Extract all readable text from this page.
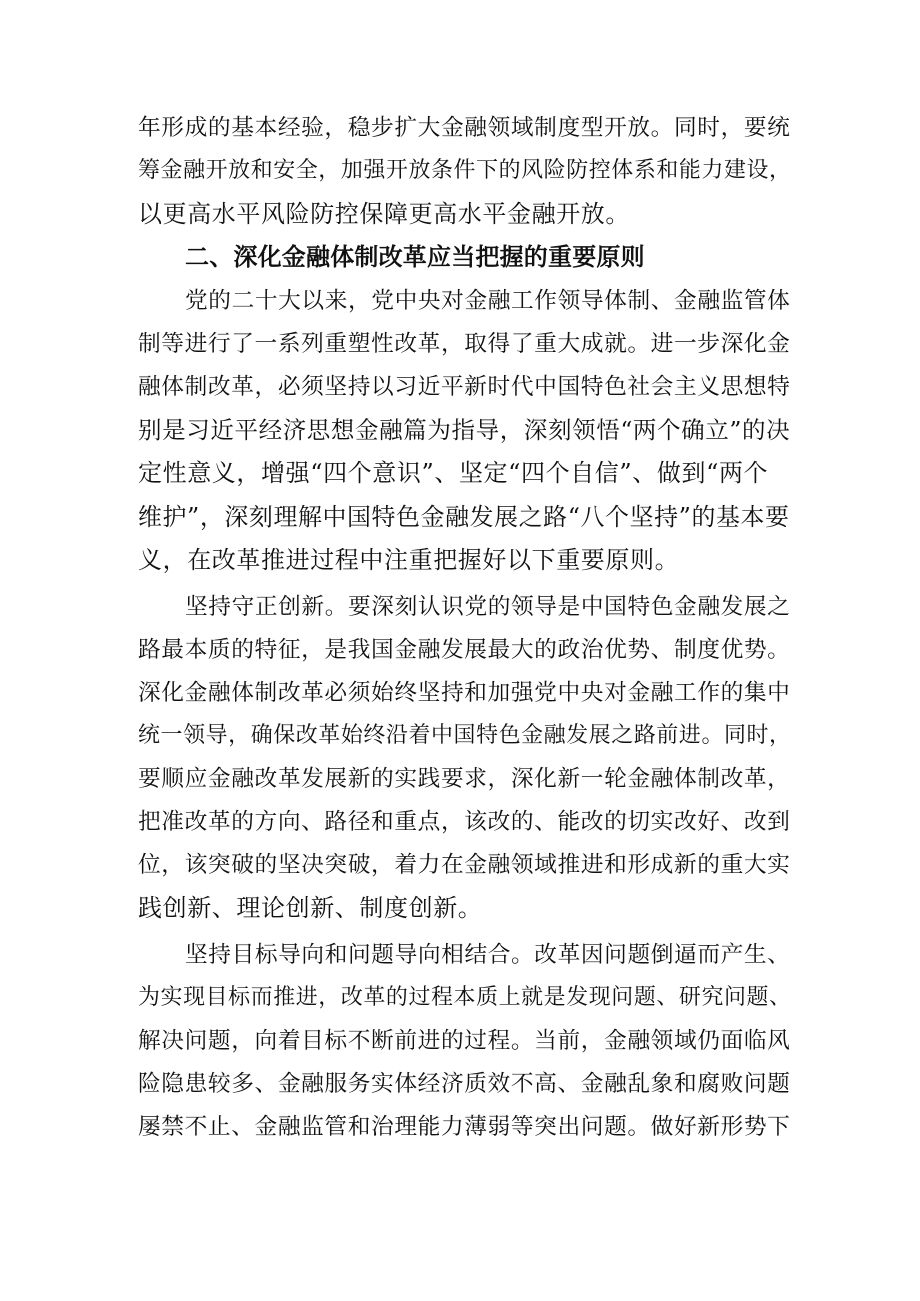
年形成的基本经验，稳步扩大金融领域制度型开放。同时，要统
筹金融开放和安全，加强开放条件下的风险防控体系和能力建设，
以更高水平风险防控保障更高水平金融开放。
二、深化金融体制改革应当把握的重要原则
党的二十大以来，党中央对金融工作领导体制、金融监管体
制等进行了一系列重塑性改革，取得了重大成就。进一步深化金
融体制改革，必须坚持以习近平新时代中国特色社会主义思想特
别是习近平经济思想金融篇为指导，深刻领悟“两个确立”的决
定性意义，增强“四个意识”、坚定“四个自信”、做到“两个
维护”，深刻理解中国特色金融发展之路“八个坚持”的基本要
义，在改革推进过程中注重把握好以下重要原则。
坚持守正创新。要深刻认识党的领导是中国特色金融发展之
路最本质的特征，是我国金融发展最大的政治优势、制度优势。
深化金融体制改革必须始终坚持和加强党中央对金融工作的集中
统一领导，确保改革始终沿着中国特色金融发展之路前进。同时，
要顺应金融改革发展新的实践要求，深化新一轮金融体制改革，
把准改革的方向、路径和重点，该改的、能改的切实改好、改到
位，该突破的坚决突破，着力在金融领域推进和形成新的重大实
践创新、理论创新、制度创新。
坚持目标导向和问题导向相结合。改革因问题倒逼而产生、
为实现目标而推进，改革的过程本质上就是发现问题、研究问题、
解决问题，向着目标不断前进的过程。当前，金融领域仍面临风
险隐患较多、金融服务实体经济质效不高、金融乱象和腐败问题
屡禁不止、金融监管和治理能力薄弱等突出问题。做好新形势下
